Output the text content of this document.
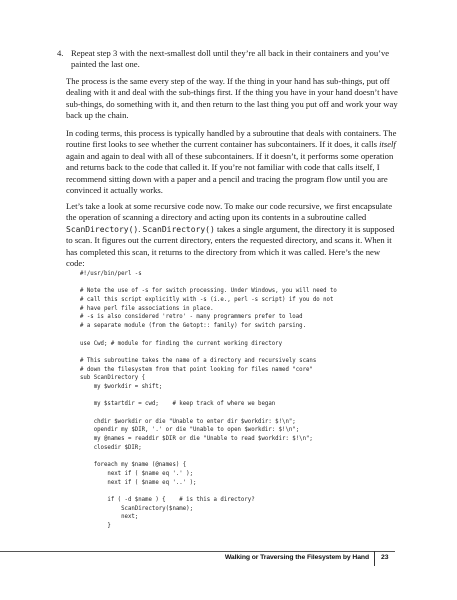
4. Repeat step 3 with the next-smallest doll until they’re all back in their containers and you’ve painted the last one.

The process is the same every step of the way. If the thing in your hand has sub-things, put off dealing with it and deal with the sub-things first. If the thing you have in your hand doesn’t have sub-things, do something with it, and then return to the last thing you put off and work your way back up the chain.

In coding terms, this process is typically handled by a subroutine that deals with containers. The routine first looks to see whether the current container has subcontainers. If it does, it calls itself again and again to deal with all of these subcontainers. If it doesn’t, it performs some operation and returns back to the code that called it. If you’re not familiar with code that calls itself, I recommend sitting down with a paper and a pencil and tracing the program flow until you are convinced it actually works.

Let’s take a look at some recursive code now. To make our code recursive, we first encapsulate the operation of scanning a directory and acting upon its contents in a subroutine called ScanDirectory(). ScanDirectory() takes a single argument, the directory it is supposed to scan. It figures out the current directory, enters the requested directory, and scans it. When it has completed this scan, it returns to the directory from which it was called. Here’s the new code:

#!/usr/bin/perl -s

# Note the use of -s for switch processing. Under Windows, you will need to
# call this script explicitly with -s (i.e., perl -s script) if you do not
# have perl file associations in place.
# -s is also considered 'retro' - many programmers prefer to load
# a separate module (from the Getopt:: family) for switch parsing.

use Cwd; # module for finding the current working directory

# This subroutine takes the name of a directory and recursively scans
# down the filesystem from that point looking for files named "core"
sub ScanDirectory {
my $workdir = shift;

my $startdir = cwd;    # keep track of where we began

chdir $workdir or die "Unable to enter dir $workdir: $!\n";
opendir my $DIR, '.' or die "Unable to open $workdir: $!\n";
my @names = readdir $DIR or die "Unable to read $workdir: $!\n";
closedir $DIR;

foreach my $name (@names) {
next if ( $name eq '.' );
next if ( $name eq '..' );

if ( -d $name ) {    # is this a directory?
ScanDirectory($name);
next;
}
Walking or Traversing the Filesystem by Hand 23
